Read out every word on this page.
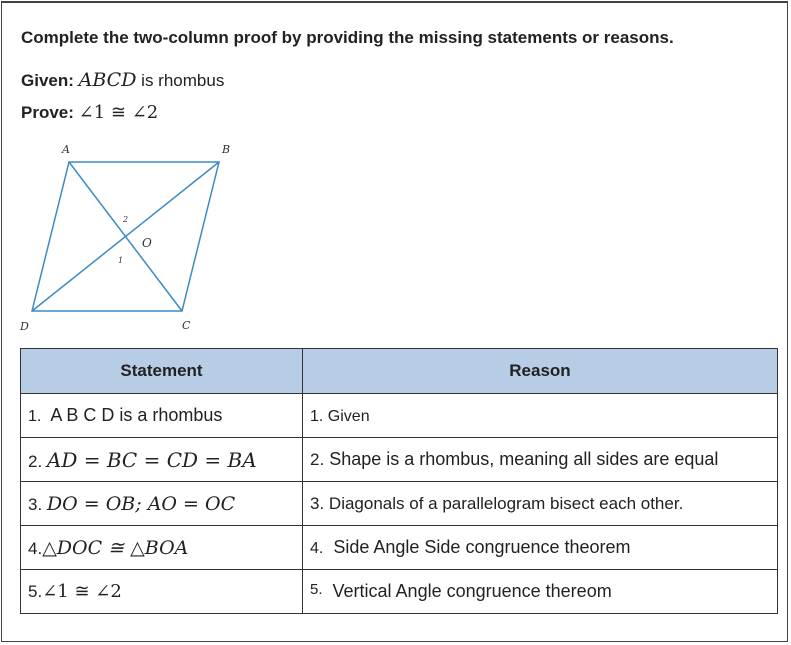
Complete the two-column proof by providing the missing statements or reasons.
Given: ABCD is rhombus
Prove: ∠1 ≅ ∠2
A	B
C
D
O
2
1
Statement	Reason
1.  A B C D is a rhombus	1. Given
2. AD = BC = CD = BA	2. Shape is a rhombus, meaning all sides are equal
3. DO = OB; AO = OC	3. Diagonals of a parallelogram bisect each other.
4.△DOC ≅ △BOA	4.  Side Angle Side congruence theorem
5.∠1 ≅ ∠2	5.  Vertical Angle congruence thereom
